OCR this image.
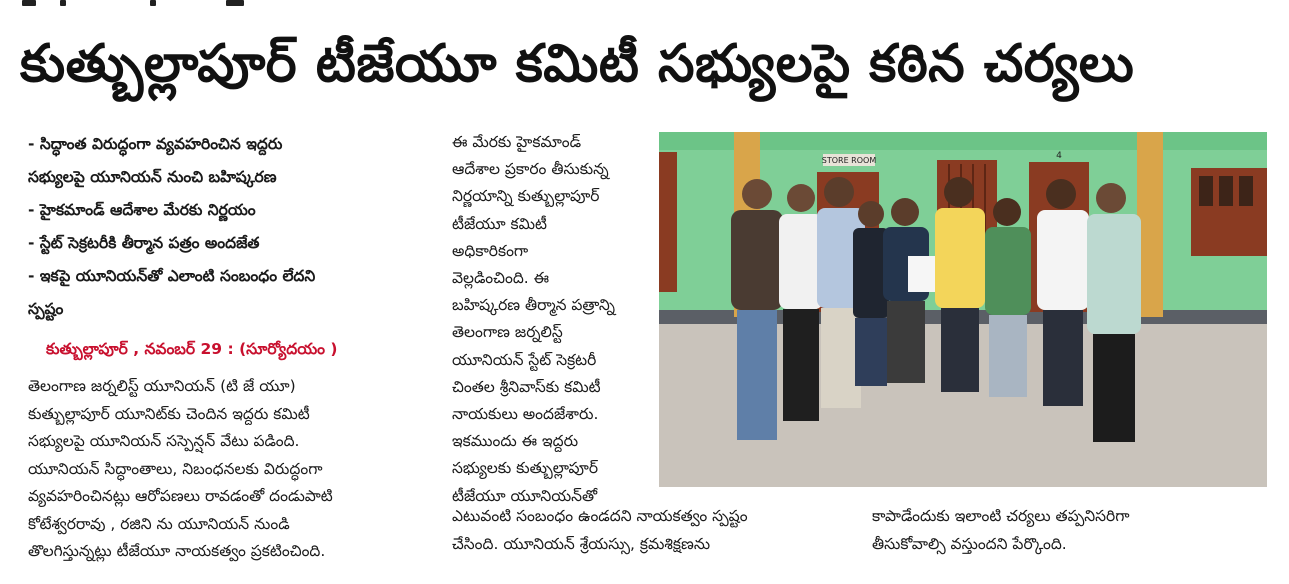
కుత్బుల్లాపూర్ టీజేయూ కమిటీ సభ్యులపై కఠిన చర్యలు
- సిద్ధాంత విరుద్ధంగా వ్యవహరించిన ఇద్దరు
సభ్యులపై యూనియన్ నుంచి బహిష్కరణ
- హైకమాండ్ ఆదేశాల మేరకు నిర్ణయం
- స్టేట్ సెక్రటరీకి తీర్మాన పత్రం అందజేత
- ఇకపై యూనియన్‌తో ఎలాంటి సంబంధం లేదని
స్పష్టం
కుత్బుల్లాపూర్ , నవంబర్ 29 : (సూర్యోదయం )
తెలంగాణ జర్నలిస్ట్ యూనియన్ (టి జే యూ)
కుత్బుల్లాపూర్ యూనిట్‌కు చెందిన ఇద్దరు కమిటీ
సభ్యులపై యూనియన్ సస్పెన్షన్ వేటు పడింది.
యూనియన్ సిద్ధాంతాలు, నిబంధనలకు విరుద్ధంగా
వ్యవహరించినట్లు ఆరోపణలు రావడంతో దండుపాటి
కోటేశ్వరరావు , రజిని ను యూనియన్ నుండి
తొలగిస్తున్నట్లు టీజేయూ నాయకత్వం ప్రకటించింది.
ఈ మేరకు హైకమాండ్
ఆదేశాల ప్రకారం తీసుకున్న
నిర్ణయాన్ని కుత్బుల్లాపూర్
టీజేయూ కమిటీ
అధికారికంగా
వెల్లడించింది. ఈ
బహిష్కరణ తీర్మాన పత్రాన్ని
తెలంగాణ జర్నలిస్ట్
యూనియన్ స్టేట్ సెక్రటరీ
చింతల శ్రీనివాస్‌కు కమిటీ
నాయకులు అందజేశారు.
ఇకముందు ఈ ఇద్దరు
సభ్యులకు కుత్బుల్లాపూర్
టీజేయూ యూనియన్‌తో
ఎటువంటి సంబంధం ఉండదని నాయకత్వం స్పష్టం
చేసింది. యూనియన్ శ్రేయస్సు, క్రమశిక్షణను
కాపాడేందుకు ఇలాంటి చర్యలు తప్పనిసరిగా
తీసుకోవాల్సి వస్తుందని పేర్కొంది.
STORE ROOM	4
